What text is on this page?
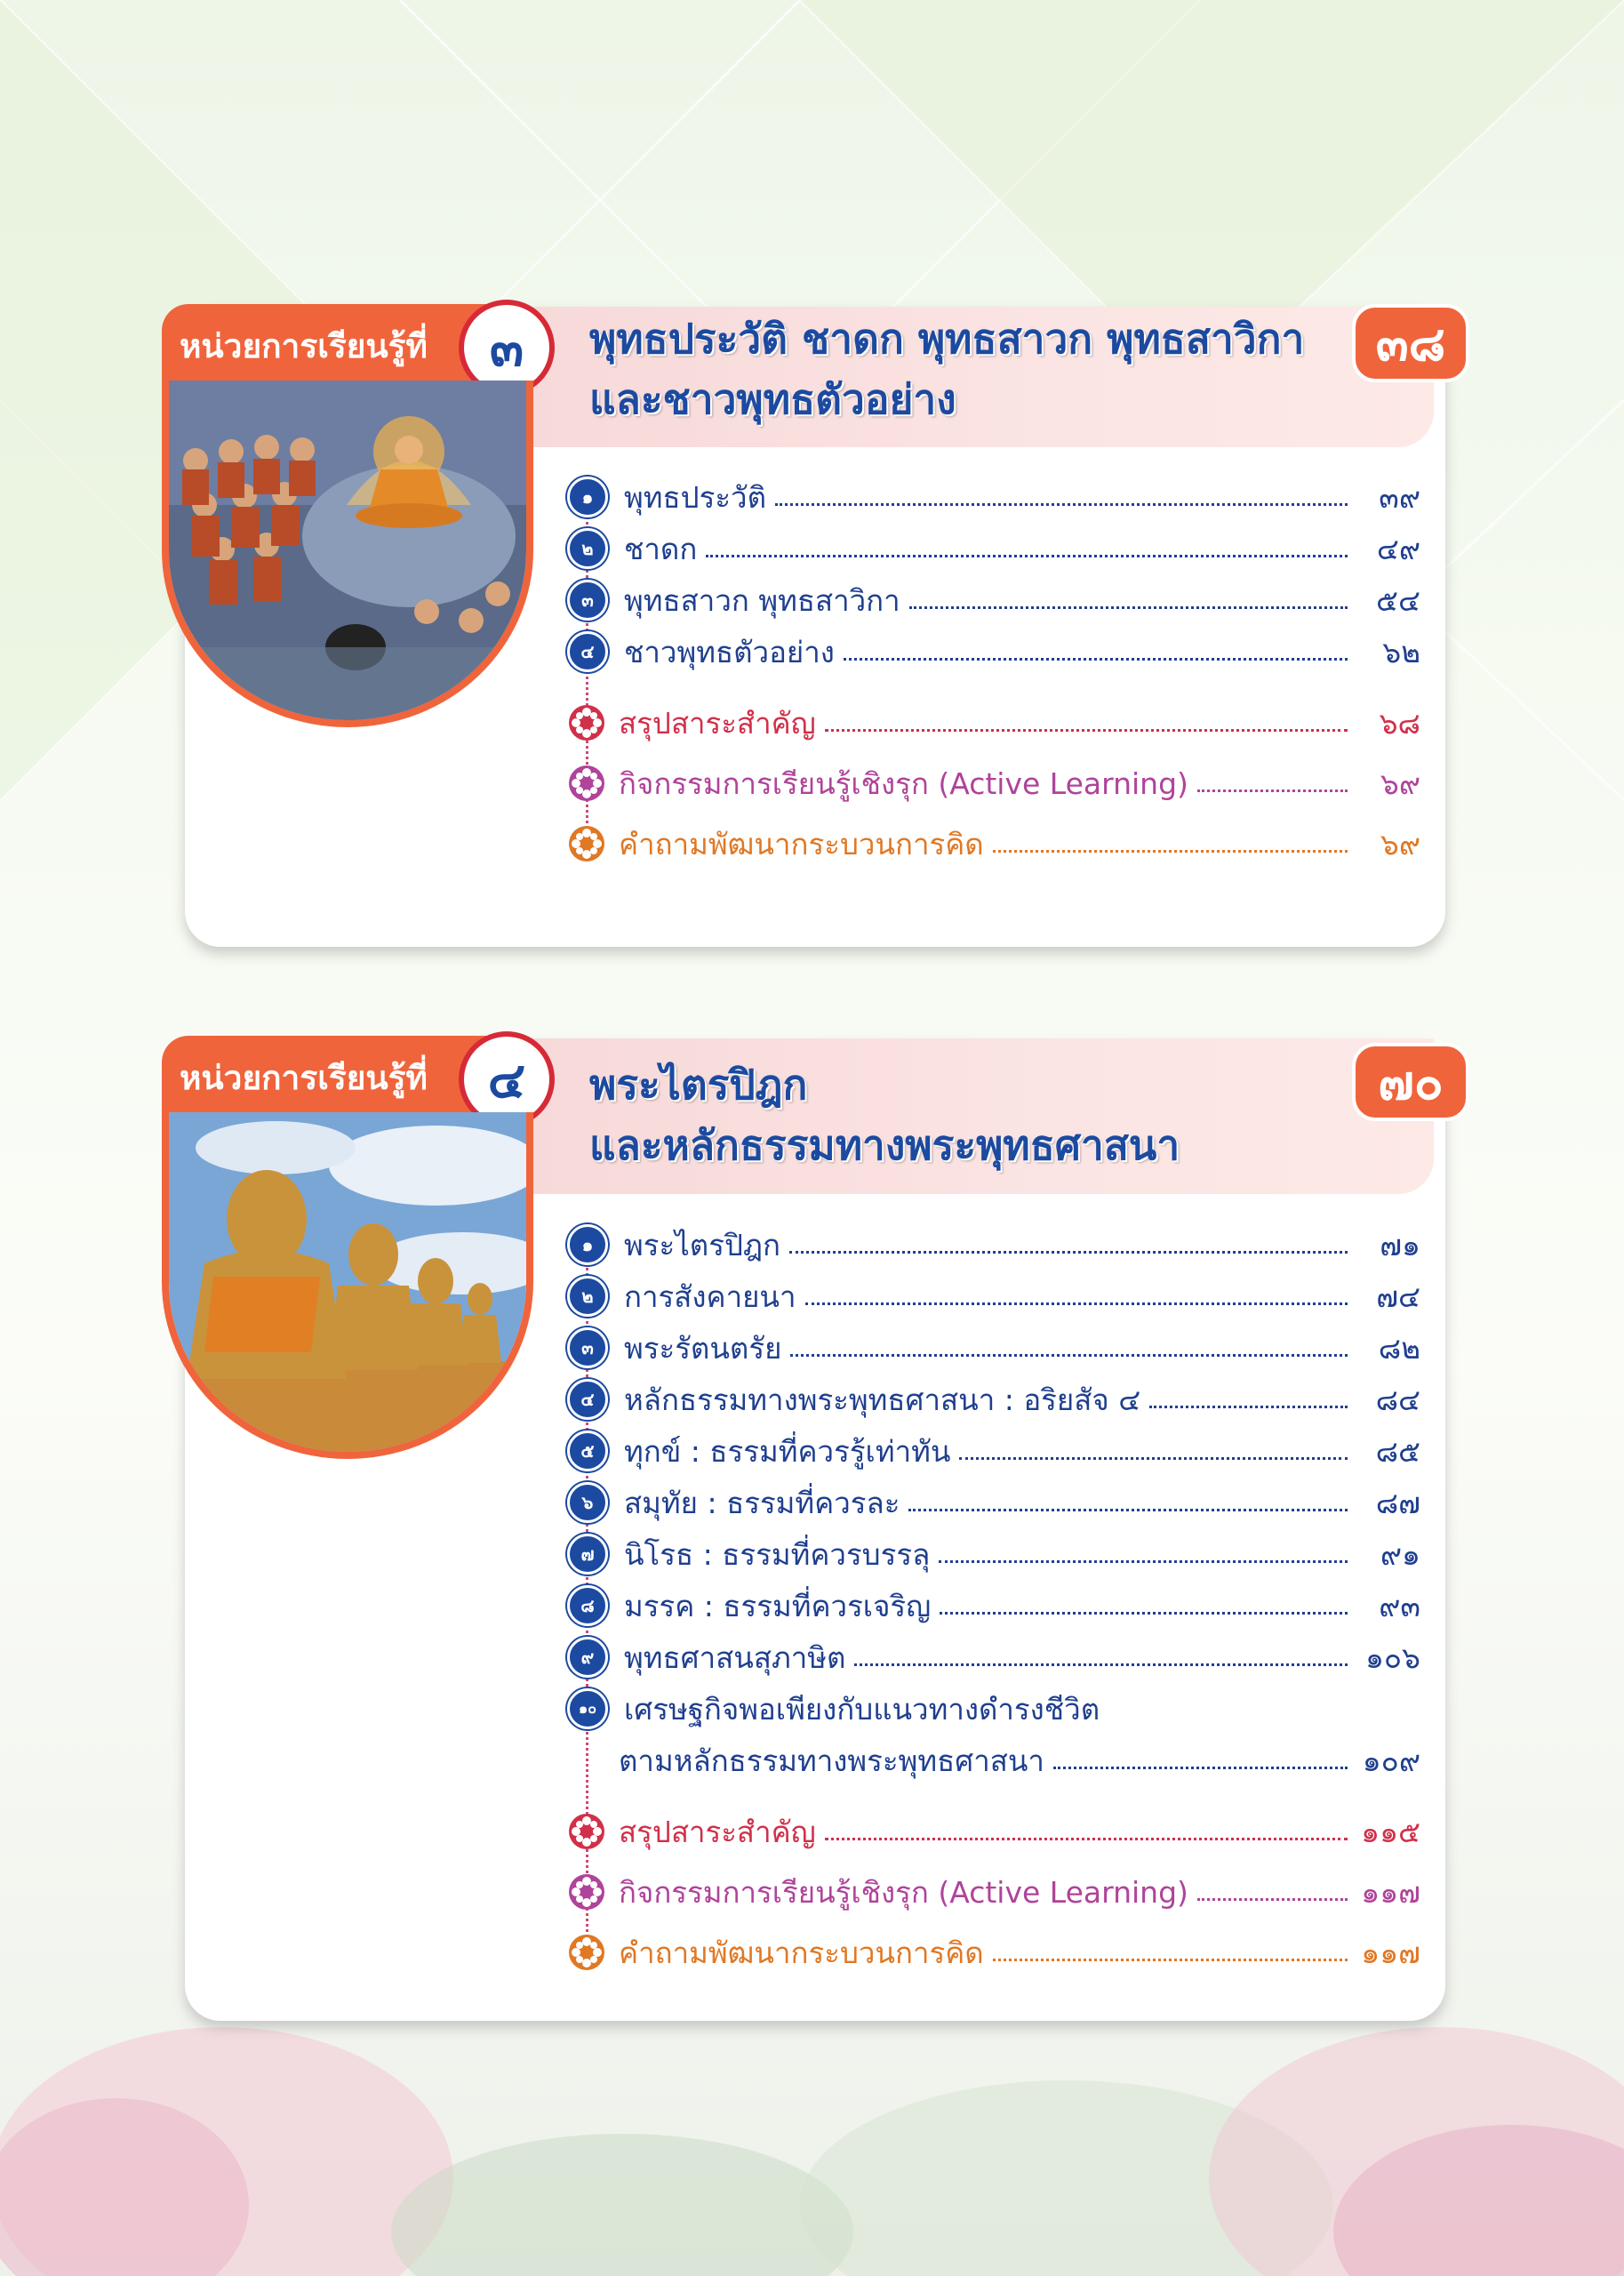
หน่วยการเรียนรู้ที่	๓	พุทธประวัติ ชาดก พุทธสาวก พุทธสาวิกา
และชาวพุทธตัวอย่าง
๓๘
๑	พุทธประวัติ	๓๙
๒	ชาดก	๔๙
๓	พุทธสาวก พุทธสาวิกา	๕๔
๔	ชาวพุทธตัวอย่าง	๖๒
สรุปสาระสำคัญ	๖๘
กิจกรรมการเรียนรู้เชิงรุก (Active Learning)	๖๙
คำถามพัฒนากระบวนการคิด	๖๙
หน่วยการเรียนรู้ที่	๔	พระไตรปิฎก
และหลักธรรมทางพระพุทธศาสนา
๗๐
๑	พระไตรปิฎก	๗๑
๒	การสังคายนา	๗๔
๓	พระรัตนตรัย	๘๒
๔	หลักธรรมทางพระพุทธศาสนา : อริยสัจ ๔	๘๔
๕	ทุกข์ : ธรรมที่ควรรู้เท่าทัน	๘๕
๖	สมุทัย : ธรรมที่ควรละ	๘๗
๗	นิโรธ : ธรรมที่ควรบรรลุ	๙๑
๘	มรรค : ธรรมที่ควรเจริญ	๙๓
๙	พุทธศาสนสุภาษิต	๑๐๖
๑๐ เศรษฐกิจพอเพียงกับแนวทางดำรงชีวิต
ตามหลักธรรมทางพระพุทธศาสนา	๑๐๙
สรุปสาระสำคัญ	๑๑๕
กิจกรรมการเรียนรู้เชิงรุก (Active Learning)	๑๑๗
คำถามพัฒนากระบวนการคิด	๑๑๗
